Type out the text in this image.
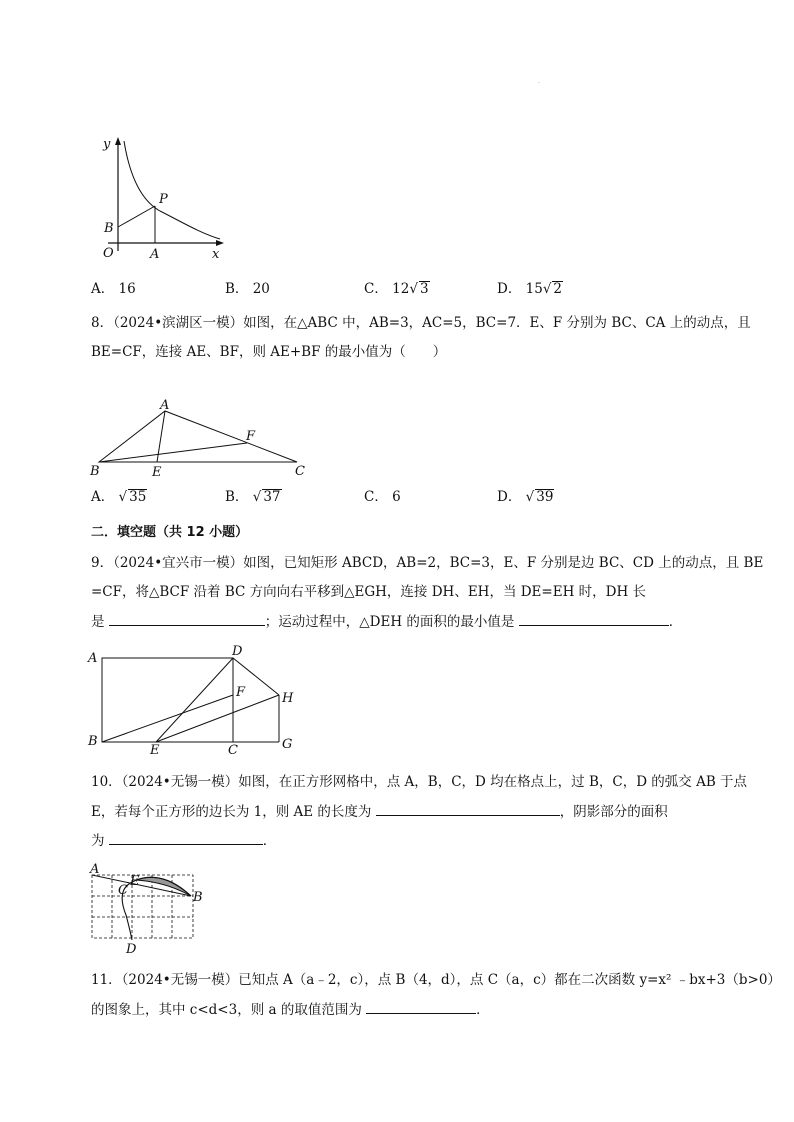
·
y
x
O	A
B
P
A． 16	B． 20	C． 12√ 3	D． 15√ 2
8．（2024•滨湖区一模）如图，在△ABC 中，AB=3，AC=5，BC=7．E、F 分别为 BC、CA 上的动点，且
BE=CF，连接 AE、BF，则 AE+BF 的最小值为（　　）
A
B	C
E
F
A． √ 35	B． √ 37	C． 6	D． √ 39
二．填空题（共 12 小题）
9．（2024•宜兴市一模）如图，已知矩形 ABCD，AB=2，BC=3，E、F 分别是边 BC、CD 上的动点，且 BE
=CF，将△BCF 沿着 BC 方向向右平移到△EGH，连接 DH、EH，当 DE=EH 时，DH 长
是	；运动过程中，△DEH 的面积的最小值是	．
A
B
C
D
E
F
G
H
10．（2024•无锡一模）如图，在正方形网格中，点 A，B，C，D 均在格点上，过 B，C，D 的弧交 AB 于点
E，若每个正方形的边长为 1，则 AE 的长度为	，阴影部分的面积
为	．
A
B
C
D
E
11．（2024•无锡一模）已知点 A（a﹣2，c），点 B（4，d），点 C（a，c）都在二次函数 y=x² ﹣bx+3（b>0）
的图象上，其中 c<d<3，则 a 的取值范围为	．
